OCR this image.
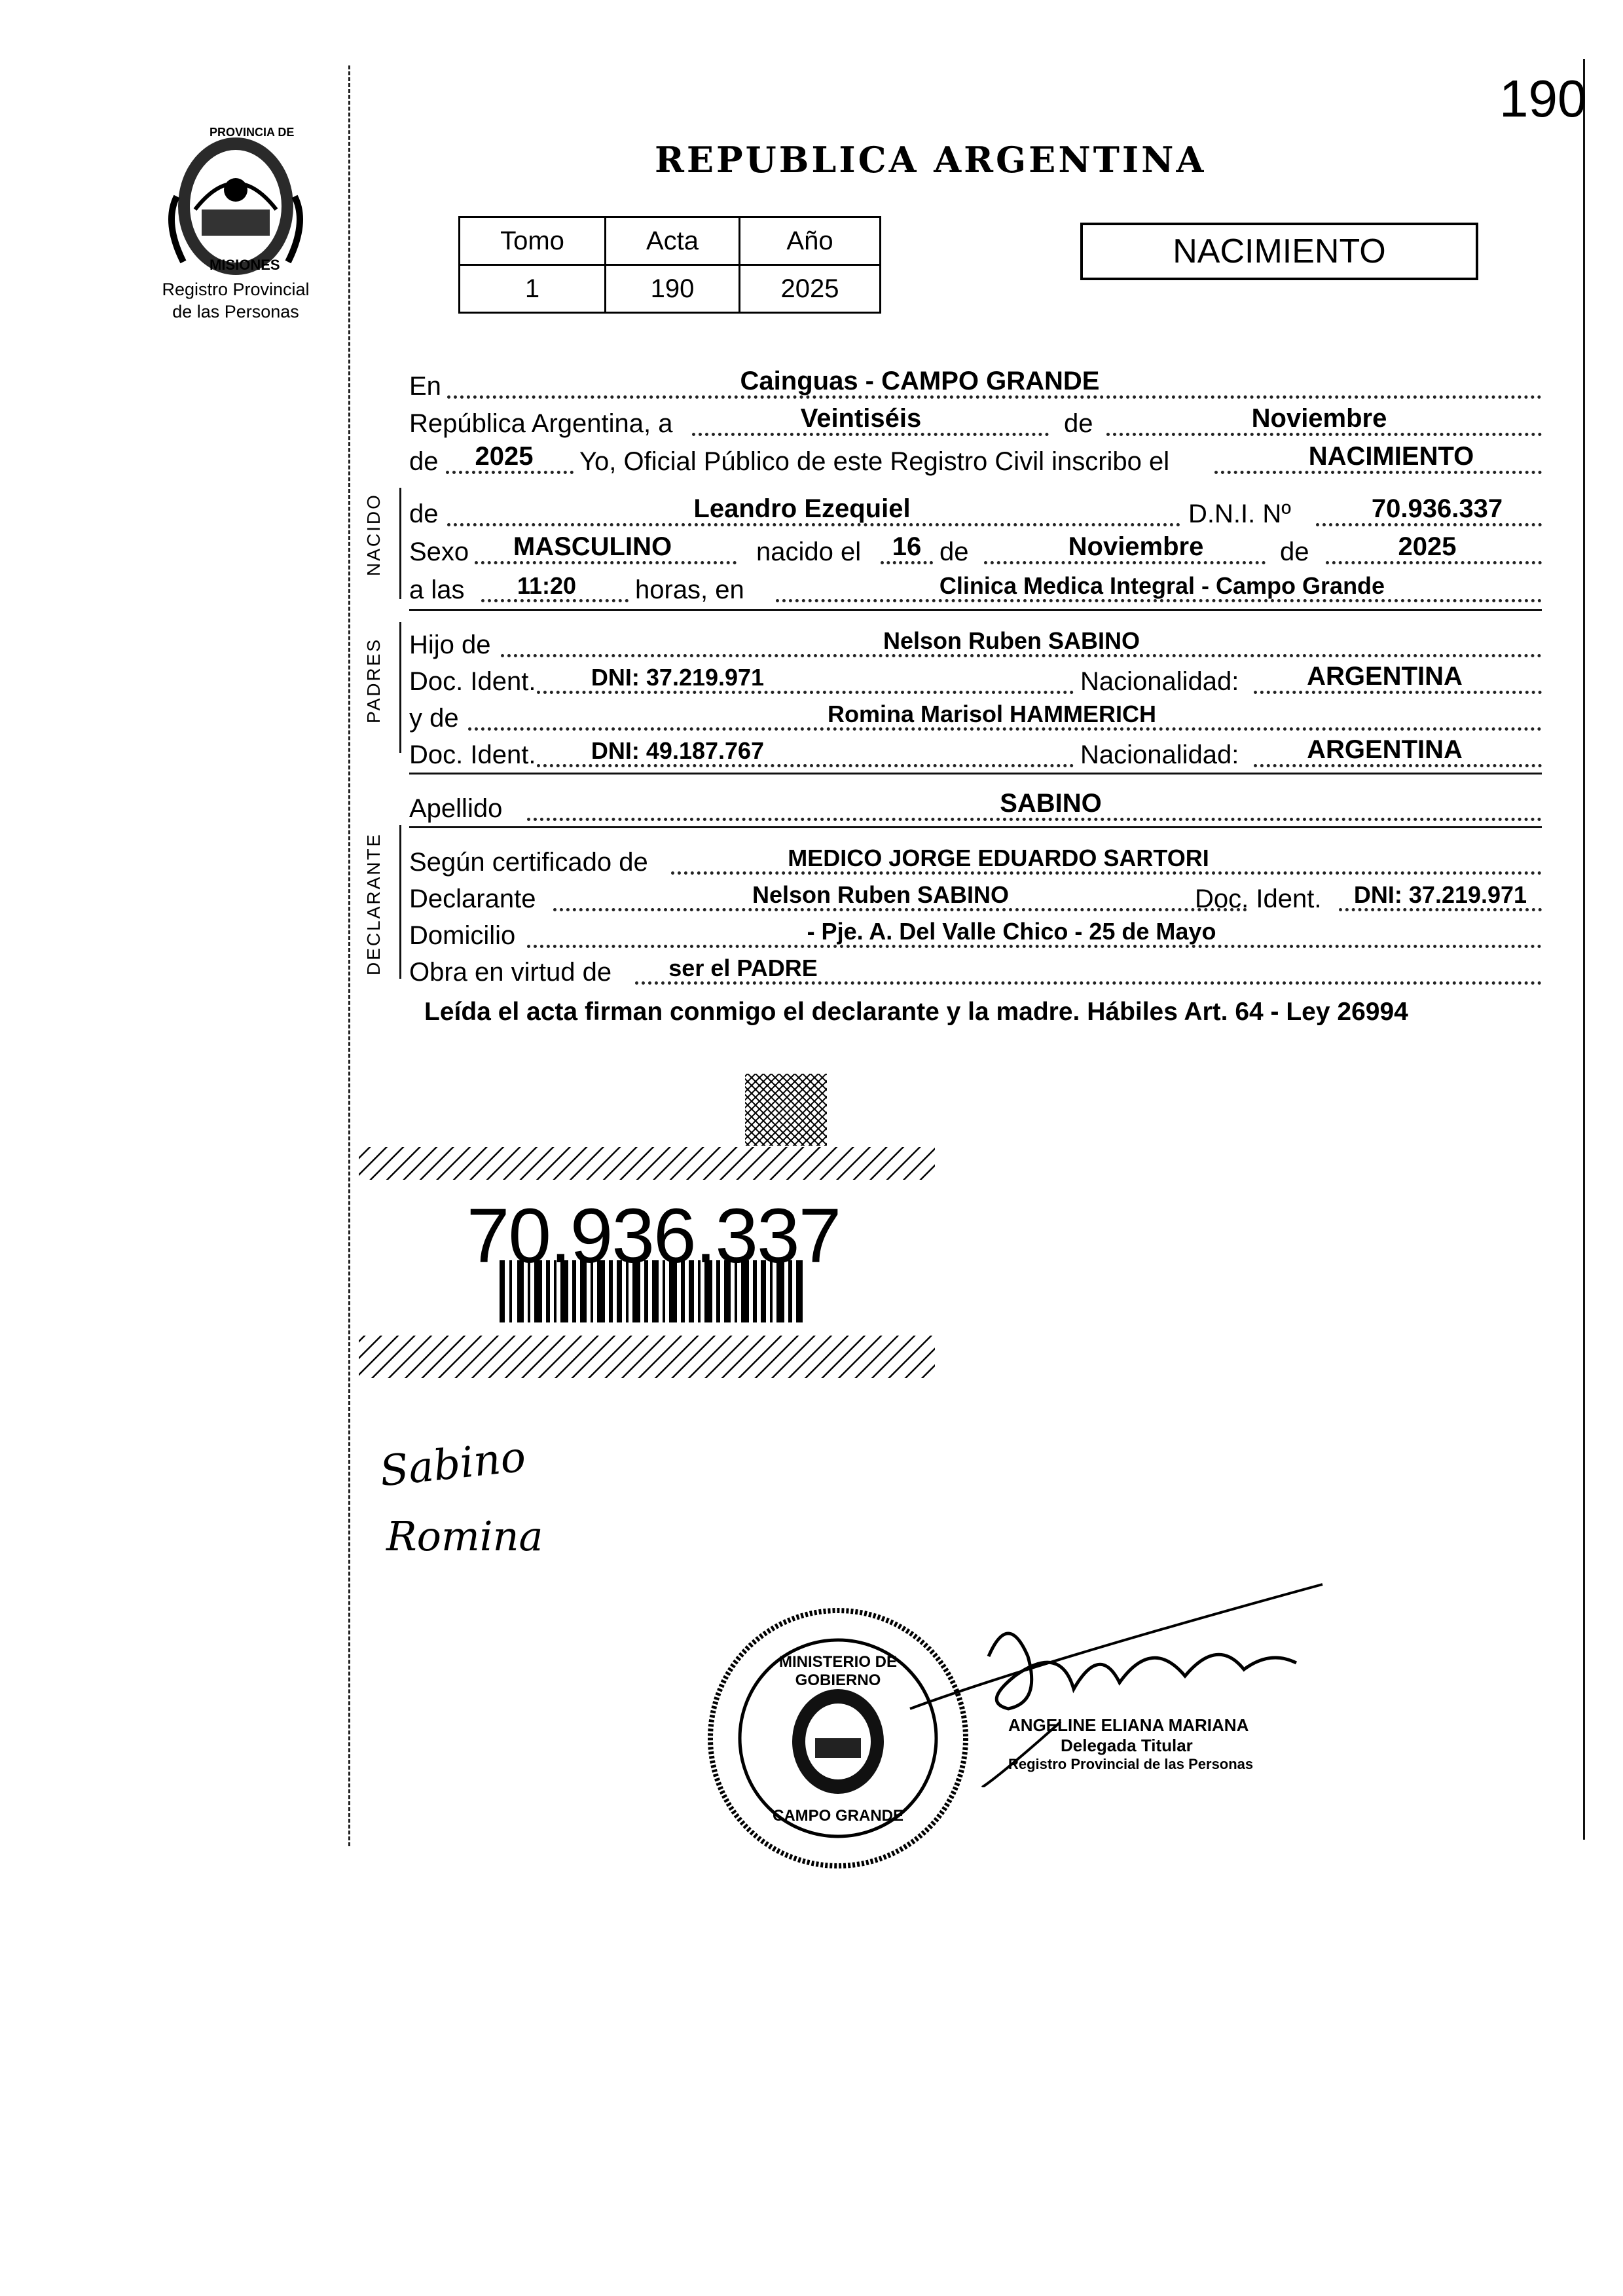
190
PROVINCIA DE
MISIONES
Registro Provincial
de las Personas
REPUBLICA ARGENTINA
Tomo	Acta	Año
1	190	2025
NACIMIENTO
NACIDO
PADRES
DECLARANTE
En	Cainguas - CAMPO GRANDE
República Argentina, a	Veintiséis	de	Noviembre
de	2025	Yo, Oficial Público de este Registro Civil inscribo el	NACIMIENTO
de	Leandro Ezequiel	D.N.I. Nº	70.936.337
Sexo	MASCULINO	nacido el	16 de	Noviembre	de	2025
a las	11:20	horas, en	Clinica Medica Integral - Campo Grande
Hijo de	Nelson Ruben SABINO
Doc. Ident.	DNI: 37.219.971	Nacionalidad:	ARGENTINA
y de	Romina Marisol HAMMERICH
Doc. Ident.	DNI: 49.187.767	Nacionalidad:	ARGENTINA
Apellido	SABINO
Según certificado de	MEDICO JORGE EDUARDO SARTORI
Declarante	Nelson Ruben SABINO	Doc. Ident.	DNI: 37.219.971
Domicilio	- Pje. A. Del Valle Chico - 25 de Mayo
Obra en virtud de	ser el PADRE
Leída el acta firman conmigo el declarante y la madre. Hábiles Art. 64 - Ley 26994
70.936.337
Sabino
Romina
MINISTERIO DE GOBIERNO
CAMPO GRANDE
ANGELINE ELIANA MARIANA
Delegada Titular
Registro Provincial de las Personas
